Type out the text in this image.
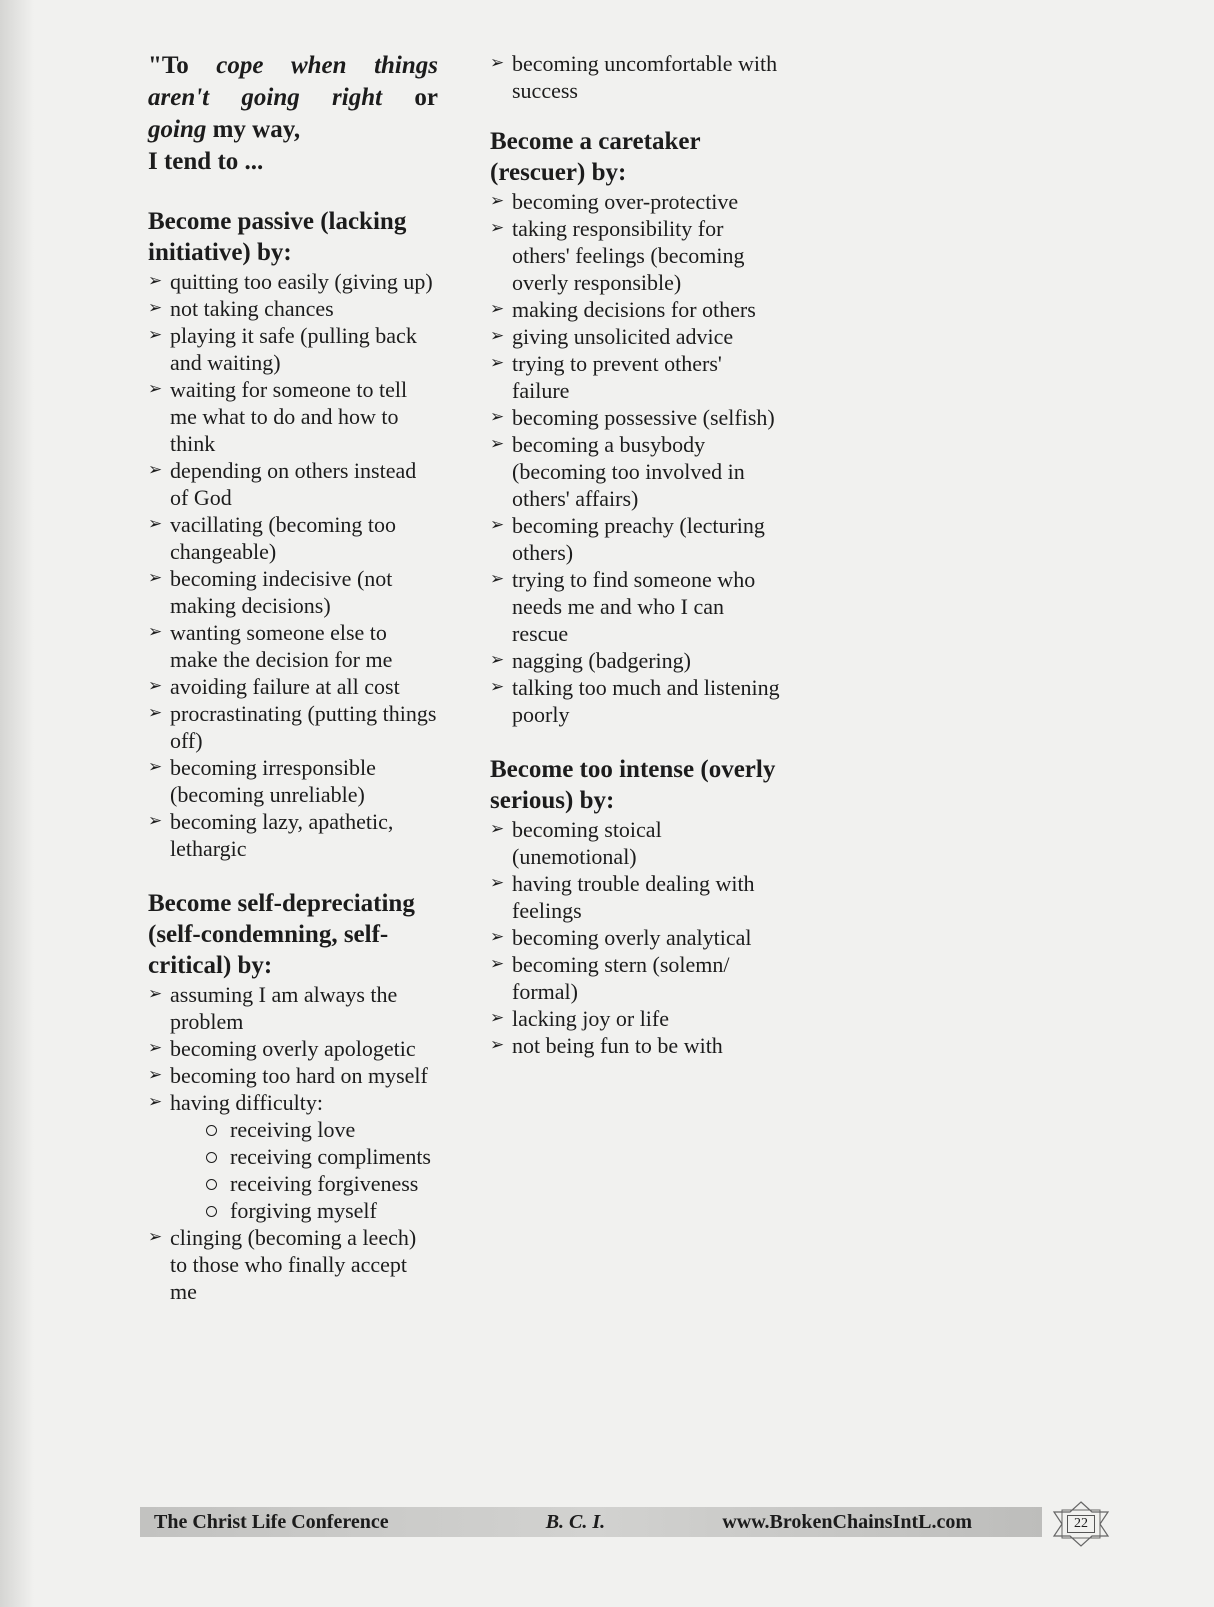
"To cope when things
aren't going right or
going my way,
I tend to ...
Become passive (lacking initiative) by:
➢ quitting too easily (giving up)
➢ not taking chances
➢ playing it safe (pulling back and waiting)
➢ waiting for someone to tell me what to do and how to think
➢ depending on others instead of God
➢ vacillating (becoming too changeable)
➢ becoming indecisive (not making decisions)
➢ wanting someone else to make the decision for me
➢ avoiding failure at all cost
➢ procrastinating (putting things off)
➢ becoming irresponsible (becoming unreliable)
➢ becoming lazy, apathetic, lethargic
Become self-depreciating (self-condemning, self-critical) by:
➢ assuming I am always the problem
➢ becoming overly apologetic
➢ becoming too hard on myself
➢ having difficulty:
receiving love
receiving compliments
receiving forgiveness
forgiving myself
➢ clinging (becoming a leech) to those who finally accept me
➢ becoming uncomfortable with success
Become a caretaker (rescuer) by:
➢ becoming over-protective
➢ taking responsibility for others' feelings (becoming overly responsible)
➢ making decisions for others
➢ giving unsolicited advice
➢ trying to prevent others' failure
➢ becoming possessive (selfish)
➢ becoming a busybody (becoming too involved in others' affairs)
➢ becoming preachy (lecturing others)
➢ trying to find someone who needs me and who I can rescue
➢ nagging (badgering)
➢ talking too much and listening poorly
Become too intense (overly serious) by:
➢ becoming stoical (unemotional)
➢ having trouble dealing with feelings
➢ becoming overly analytical
➢ becoming stern (solemn/ formal)
➢ lacking joy or life
➢ not being fun to be with

The Christ Life Conference	B. C. I.	www.BrokenChainsIntL.com	22
